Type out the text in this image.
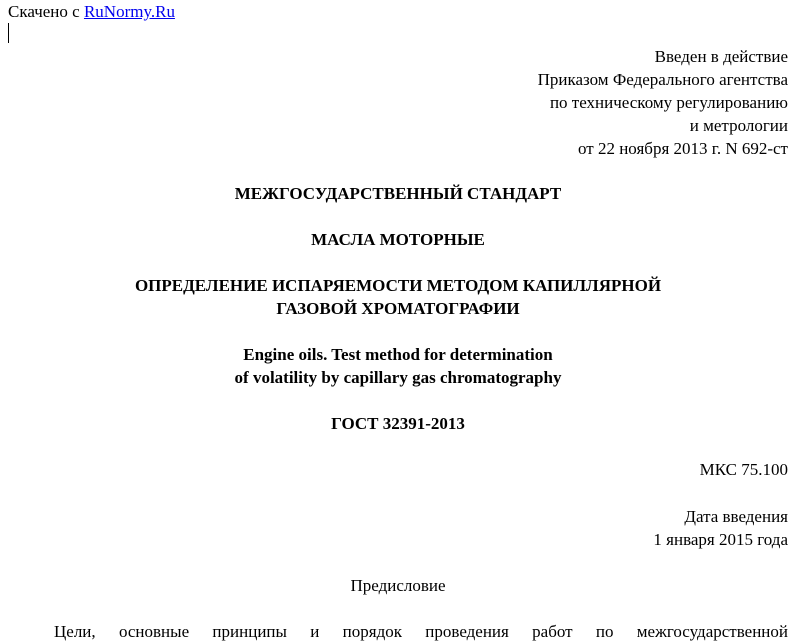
Скачено с RuNormy.Ru
Введен в действие
Приказом Федерального агентства
по техническому регулированию
и метрологии
от 22 ноября 2013 г. N 692-ст
МЕЖГОСУДАРСТВЕННЫЙ СТАНДАРТ
МАСЛА МОТОРНЫЕ
ОПРЕДЕЛЕНИЕ ИСПАРЯЕМОСТИ МЕТОДОМ КАПИЛЛЯРНОЙ
ГАЗОВОЙ ХРОМАТОГРАФИИ
Engine oils. Test method for determination
of volatility by capillary gas chromatography
ГОСТ 32391-2013
МКС 75.100
Дата введения
1 января 2015 года
Предисловие
Цели, основные принципы и порядок проведения работ по межгосударственной
